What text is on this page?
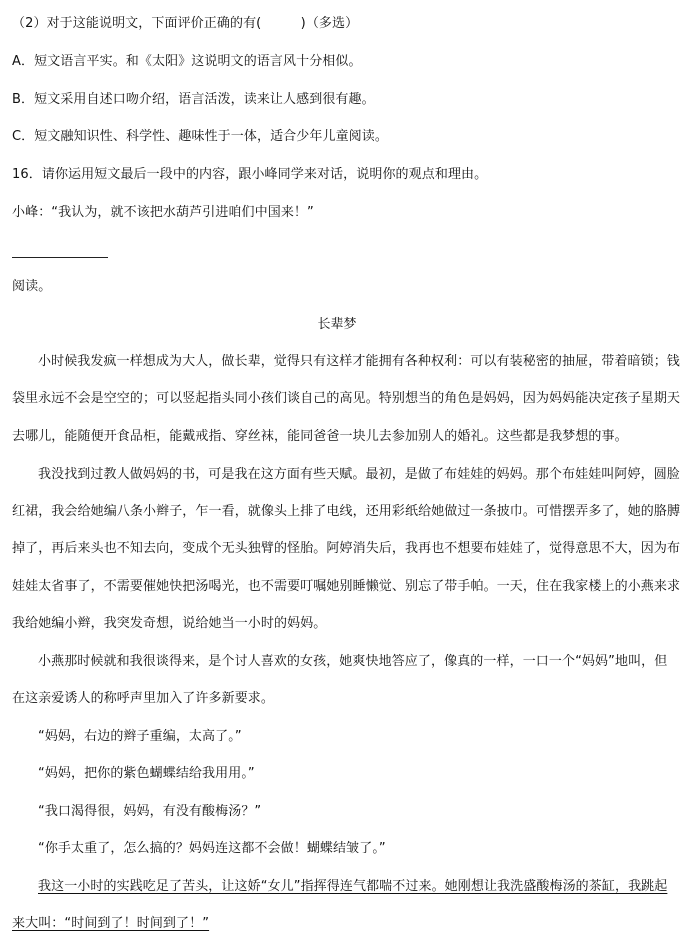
（2）对于这能说明文，下面评价正确的有(　　　)（多选）
A．短文语言平实。和《太阳》这说明文的语言风十分相似。
B．短文采用自述口吻介绍，语言活泼，读来让人感到很有趣。
C．短文融知识性、科学性、趣味性于一体，适合少年儿童阅读。
16．请你运用短文最后一段中的内容，跟小峰同学来对话，说明你的观点和理由。
小峰：“我认为，就不该把水葫芦引进咱们中国来！”
阅读。
长辈梦
小时候我发疯一样想成为大人，做长辈，觉得只有这样才能拥有各种权利：可以有装秘密的抽屉，带着暗锁；钱
袋里永远不会是空空的；可以竖起指头同小孩们谈自己的高见。特别想当的角色是妈妈，因为妈妈能决定孩子星期天
去哪儿，能随便开食品柜，能戴戒指、穿丝袜，能同爸爸一块儿去参加别人的婚礼。这些都是我梦想的事。
我没找到过教人做妈妈的书，可是我在这方面有些天赋。最初，是做了布娃娃的妈妈。那个布娃娃叫阿婷，圆脸
红裙，我会给她编八条小辫子，乍一看，就像头上排了电线，还用彩纸给她做过一条披巾。可惜摆弄多了，她的胳膊
掉了，再后来头也不知去向，变成个无头独臂的怪胎。阿婷消失后，我再也不想要布娃娃了，觉得意思不大，因为布
娃娃太省事了，不需要催她快把汤喝光，也不需要叮嘱她别睡懒觉、别忘了带手帕。一天，住在我家楼上的小燕来求
我给她编小辫，我突发奇想，说给她当一小时的妈妈。
小燕那时候就和我很谈得来，是个讨人喜欢的女孩，她爽快地答应了，像真的一样，一口一个“妈妈”地叫，但
在这亲爱诱人的称呼声里加入了许多新要求。
“妈妈，右边的辫子重编，太高了。”
“妈妈，把你的紫色蝴蝶结给我用用。”
“我口渴得很，妈妈，有没有酸梅汤？”
“你手太重了，怎么搞的？妈妈连这都不会做！蝴蝶结皱了。”
我这一小时的实践吃足了苦头，让这娇“女儿”指挥得连气都喘不过来。她刚想让我洗盛酸梅汤的茶缸，我跳起
来大叫：“时间到了！时间到了！”
